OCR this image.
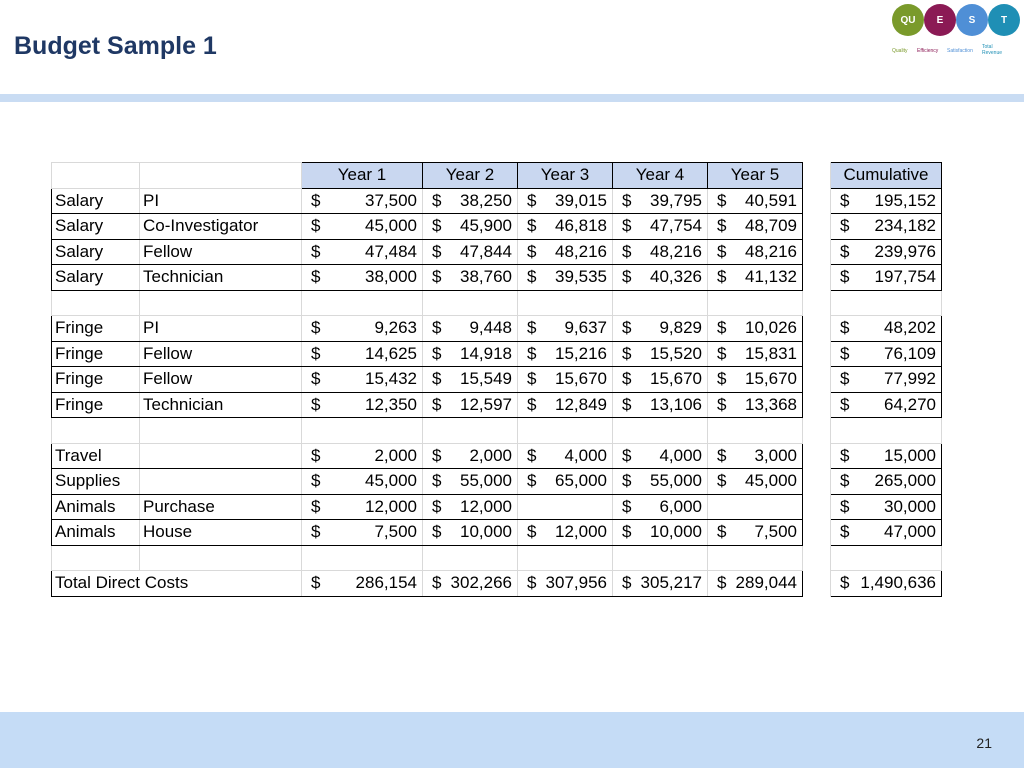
Budget Sample 1
QU	E	S	T
Quality Efficiency Satisfaction
Total Revenue
		Year 1	Year 2	Year 3	Year 4	Year 5		Cumulative
Salary	PI	$ 37,500	$ 38,250	$ 39,015	$ 39,795	$ 40,591		$ 195,152

Salary	Co-Investigator	$ 45,000	$ 45,900	$ 46,818	$ 47,754	$ 48,709		$ 234,182

Salary	Fellow	$ 47,484	$ 47,844	$ 48,216	$ 48,216	$ 48,216		$ 239,976

Salary	Technician	$ 38,000	$ 38,760	$ 39,535	$ 40,326	$ 41,132		$ 197,754

Fringe	PI	$ 9,263	$ 9,448	$ 9,637	$ 9,829	$ 10,026		$ 48,202

Fringe	Fellow	$ 14,625	$ 14,918	$ 15,216	$ 15,520	$ 15,831		$ 76,109

Fringe	Fellow	$ 15,432	$ 15,549	$ 15,670	$ 15,670	$ 15,670		$ 77,992

Fringe	Technician	$ 12,350	$ 12,597	$ 12,849	$ 13,106	$ 13,368		$ 64,270

Travel		$ 2,000	$ 2,000	$ 4,000	$ 4,000	$ 3,000		$ 15,000

Supplies		$ 45,000	$ 55,000	$ 65,000	$ 55,000	$ 45,000		$ 265,000

Animals	Purchase	$ 12,000	$ 12,000		$ 6,000			$ 30,000

Animals	House	$ 7,500	$ 10,000	$ 12,000	$ 10,000	$ 7,500		$ 47,000

Total Direct Costs		$ 286,154	$ 302,266	$ 307,956	$ 305,217	$ 289,044		$ 1,490,636
21
